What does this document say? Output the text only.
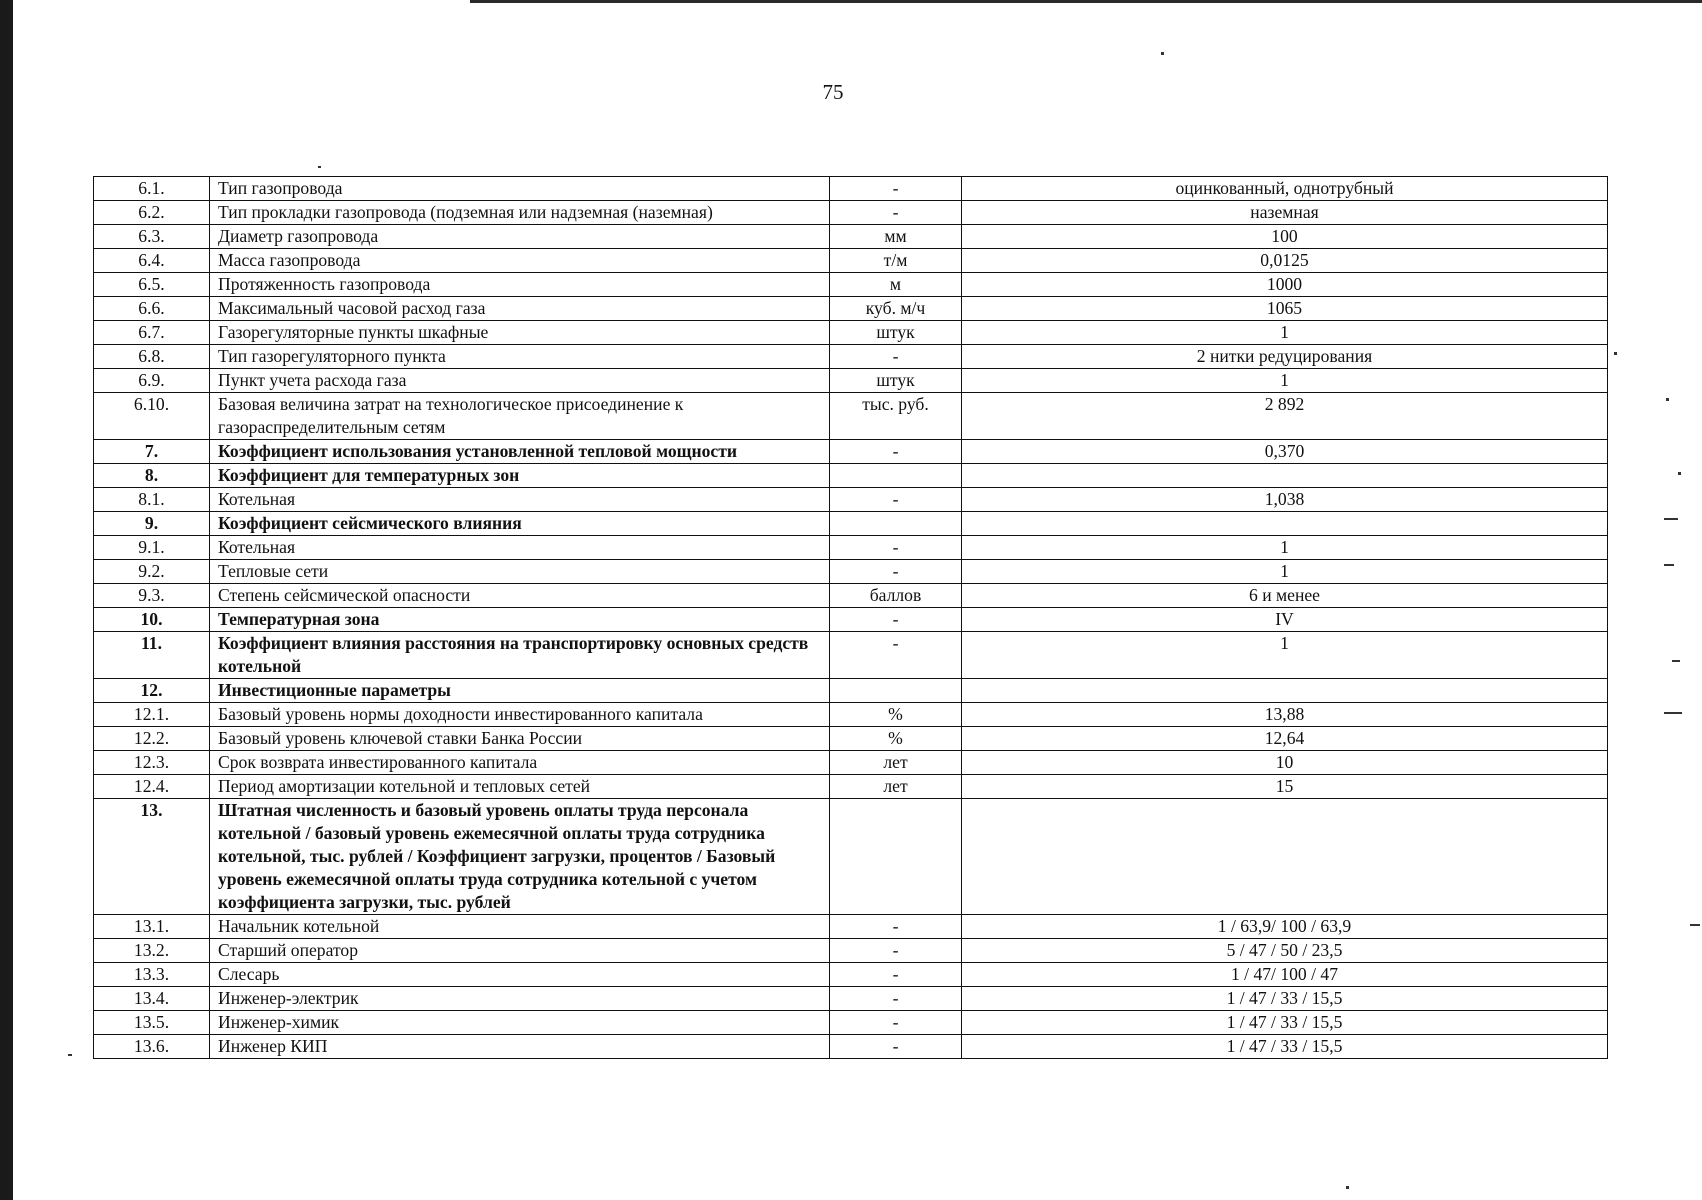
75
6.1.	Тип газопровода	-	оцинкованный, однотрубный
6.2.	Тип прокладки газопровода (подземная или надземная (наземная)	-	наземная
6.3.	Диаметр газопровода	мм	100
6.4.	Масса газопровода	т/м	0,0125
6.5.	Протяженность газопровода	м	1000
6.6.	Максимальный часовой расход газа	куб. м/ч	1065
6.7.	Газорегуляторные пункты шкафные	штук	1
6.8.	Тип газорегуляторного пункта	-	2 нитки редуцирования
6.9.	Пункт учета расхода газа	штук	1
6.10.	Базовая величина затрат на технологическое присоединение к газораспределительным сетям	тыс. руб.	2 892
7.	Коэффициент использования установленной тепловой мощности	-	0,370
8.	Коэффициент для температурных зон		
8.1.	Котельная	-	1,038
9.	Коэффициент сейсмического влияния		
9.1.	Котельная	-	1
9.2.	Тепловые сети	-	1
9.3.	Степень сейсмической опасности	баллов	6 и менее
10.	Температурная зона	-	IV
11.	Коэффициент влияния расстояния на транспортировку основных средств котельной	-	1
12.	Инвестиционные параметры		
12.1.	Базовый уровень нормы доходности инвестированного капитала	%	13,88
12.2.	Базовый уровень ключевой ставки Банка России	%	12,64
12.3.	Срок возврата инвестированного капитала	лет	10
12.4.	Период амортизации котельной и тепловых сетей	лет	15
13.	Штатная численность и базовый уровень оплаты труда персонала котельной / базовый уровень ежемесячной оплаты труда сотрудника котельной, тыс. рублей / Коэффициент загрузки, процентов / Базовый уровень ежемесячной оплаты труда сотрудника котельной с учетом коэффициента загрузки, тыс. рублей		
13.1.	Начальник котельной	-	1 / 63,9/ 100 / 63,9
13.2.	Старший оператор	-	5 / 47 / 50 / 23,5
13.3.	Слесарь	-	1 / 47/ 100 / 47
13.4.	Инженер-электрик	-	1 / 47 / 33 / 15,5
13.5.	Инженер-химик	-	1 / 47 / 33 / 15,5
13.6.	Инженер КИП	-	1 / 47 / 33 / 15,5
